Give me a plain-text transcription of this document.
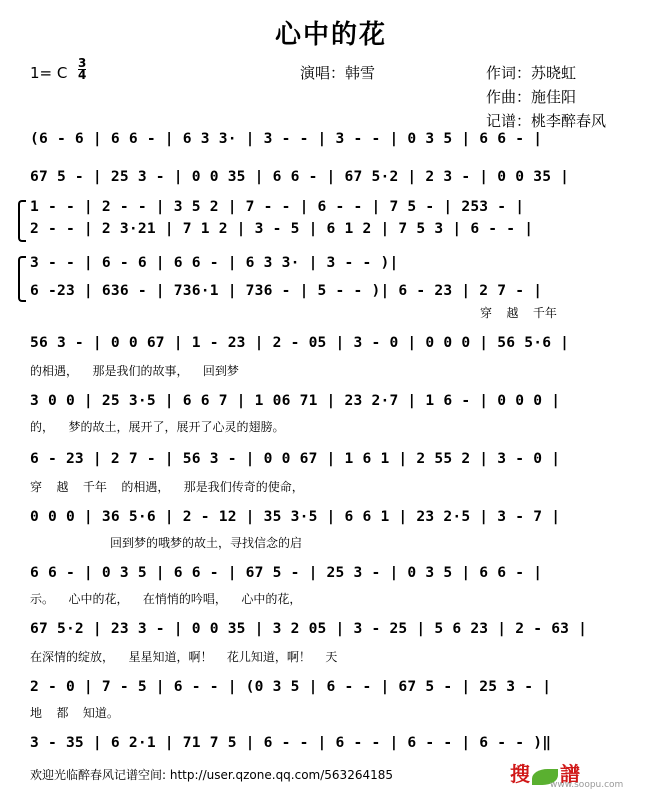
心中的花
1= C
3
4	演唱：韩雪	作词：苏晓虹
作曲：施佳阳
记谱：桃李醉春风
(6 - 6 | 6 6 - | 6 3 3· | 3 - - | 3 - - | 0 3 5 | 6 6 - |
67 5 - | 25 3 - | 0 0 35 | 6 6 - | 67 5·2 | 2 3 - | 0 0 35 |
1 - - | 2 - - | 3 5 2 | 7 - - | 6 - - | 7 5 - | 253 - |
2 - - | 2 3·21 | 7 1 2 | 3 - 5 | 6 1 2 | 7 5 3 | 6 - - |
3 - - | 6 - 6 | 6 6 - | 6 3 3· | 3 - - )|
6 -23 | 636 - | 736·1 | 736 - | 5 - - )| 6 - 23 | 2 7 - |
穿  越  千年
56 3 - | 0 0 67 | 1 - 23 | 2 - 05 | 3 - 0 | 0 0 0 | 56 5·6 |
的相遇，  那是我们的故事，  回到梦
3 0 0 | 25 3·5 | 6 6 7 | 1 06 71 | 23 2·7 | 1 6 - | 0 0 0 |
的，  梦的故土，展开了，展开了心灵的翅膀。
6 - 23 | 2 7 - | 56 3 - | 0 0 67 | 1 6 1 | 2 55 2 | 3 - 0 |
穿  越  千年  的相遇，  那是我们传奇的使命，
0 0 0 | 36 5·6 | 2 - 12 | 35 3·5 | 6 6 1 | 23 2·5 | 3 - 7 |
回到梦的哦梦的故土，寻找信念的启
6 6 - | 0 3 5 | 6 6 - | 67 5 - | 25 3 - | 0 3 5 | 6 6 - |
示。  心中的花，  在悄悄的吟唱，  心中的花，
67 5·2 | 23 3 - | 0 0 35 | 3 2 05 | 3 - 25 | 5 6 23 | 2 - 63 |
在深情的绽放，  星星知道，啊！  花儿知道，啊！  天
2 - 0 | 7 - 5 | 6 - - | (0 3 5 | 6 - - | 67 5 - | 25 3 - |
地  都  知道。
3 - 35 | 6 2·1 | 71 7 5 | 6 - - | 6 - - | 6 - - | 6 - - )‖
欢迎光临醉春风记谱空间: http://user.qzone.qq.com/563264185	搜 譜
www.soopu.com
